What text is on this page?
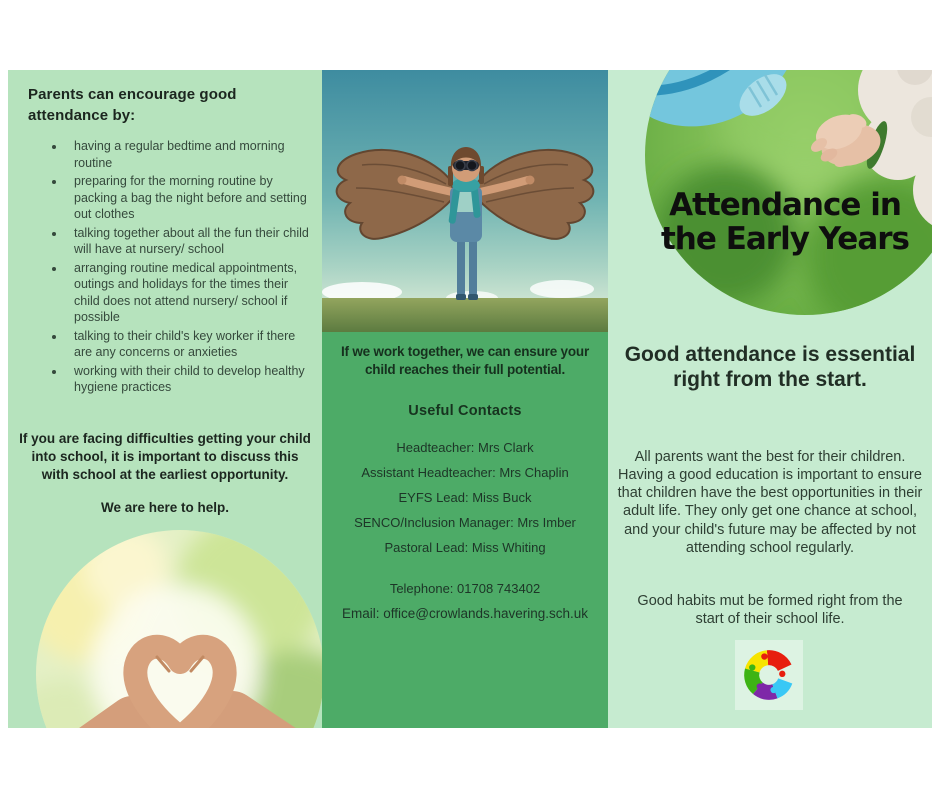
Parents can encourage good attendance by:
• having a regular bedtime and morning routine
• preparing for the morning routine by packing a bag the night before and setting out clothes
• talking together about all the fun their child will have at nursery/ school
• arranging routine medical appointments, outings and holidays for the times their child does not attend nursery/ school if possible
• talking to their child's key worker if there are any concerns or anxieties
• working with their child to develop healthy hygiene practices

If you are facing difficulties getting your child into school, it is important to discuss this with school at the earliest opportunity.

We are here to help.

If we work together, we can ensure your child reaches their full potential.

Useful Contacts

Headteacher: Mrs Clark

Assistant Headteacher: Mrs Chaplin

EYFS Lead: Miss Buck

SENCO/Inclusion Manager: Mrs Imber

Pastoral Lead: Miss Whiting

Telephone: 01708 743402

Email: office@crowlands.havering.sch.uk

Attendance in the Early Years
Good attendance is essential right from the start.

All parents want the best for their children. Having a good education is important to ensure that children have the best opportunities in their adult life. They only get one chance at school, and your child's future may be affected by not attending school regularly.

Good habits mut be formed right from the start of their school life.
